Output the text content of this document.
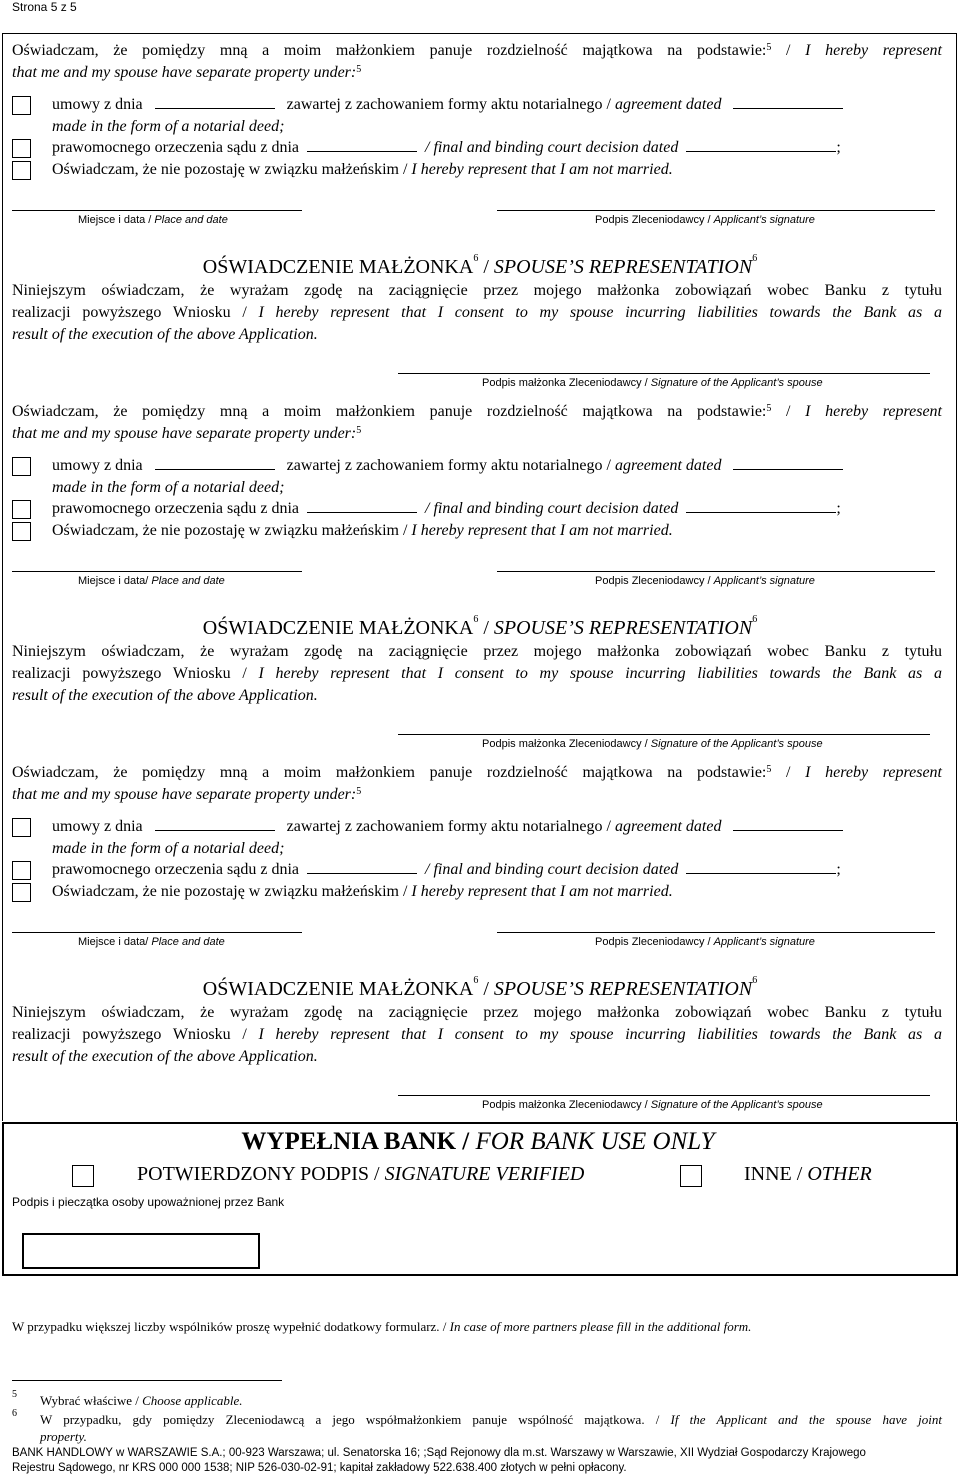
Strona 5 z 5
Oświadczam, że pomiędzy mną a moim małżonkiem panuje rozdzielność majątkowa na podstawie:$^5$ / I hereby represent
that me and my spouse have separate property under:$^5$
umowy z dnia	zawartej z zachowaniem formy aktu notarialnego / agreement dated
made in the form of a notarial deed;
prawomocnego orzeczenia sądu z dnia	/ final and binding court decision dated	;
Oświadczam, że nie pozostaję w związku małżeńskim / I hereby represent that I am not married.
Miejsce i data / Place and date	Podpis Zleceniodawcy / Applicant’s signature
OŚWIADCZENIE MAŁŻONKA$^6$ / SPOUSE’S REPRESENTATION$^6$
Niniejszym oświadczam, że wyrażam zgodę na zaciągnięcie przez mojego małżonka zobowiązań wobec Banku z tytułu
realizacji powyższego Wniosku / I hereby represent that I consent to my spouse incurring liabilities towards the Bank as a
result of the execution of the above Application.
Podpis małżonka Zleceniodawcy / Signature of the Applicant’s spouse
Oświadczam, że pomiędzy mną a moim małżonkiem panuje rozdzielność majątkowa na podstawie:$^5$ / I hereby represent
that me and my spouse have separate property under:$^5$
umowy z dnia	zawartej z zachowaniem formy aktu notarialnego / agreement dated
made in the form of a notarial deed;
prawomocnego orzeczenia sądu z dnia	/ final and binding court decision dated	;
Oświadczam, że nie pozostaję w związku małżeńskim / I hereby represent that I am not married.
Miejsce i data/ Place and date	Podpis Zleceniodawcy / Applicant’s signature
OŚWIADCZENIE MAŁŻONKA$^6$ / SPOUSE’S REPRESENTATION$^6$
Niniejszym oświadczam, że wyrażam zgodę na zaciągnięcie przez mojego małżonka zobowiązań wobec Banku z tytułu
realizacji powyższego Wniosku / I hereby represent that I consent to my spouse incurring liabilities towards the Bank as a
result of the execution of the above Application.
Podpis małżonka Zleceniodawcy / Signature of the Applicant’s spouse
Oświadczam, że pomiędzy mną a moim małżonkiem panuje rozdzielność majątkowa na podstawie:$^5$ / I hereby represent
that me and my spouse have separate property under:$^5$
umowy z dnia	zawartej z zachowaniem formy aktu notarialnego / agreement dated
made in the form of a notarial deed;
prawomocnego orzeczenia sądu z dnia	/ final and binding court decision dated	;
Oświadczam, że nie pozostaję w związku małżeńskim / I hereby represent that I am not married.
Miejsce i data/ Place and date	Podpis Zleceniodawcy / Applicant’s signature
OŚWIADCZENIE MAŁŻONKA$^6$ / SPOUSE’S REPRESENTATION$^6$
Niniejszym oświadczam, że wyrażam zgodę na zaciągnięcie przez mojego małżonka zobowiązań wobec Banku z tytułu
realizacji powyższego Wniosku / I hereby represent that I consent to my spouse incurring liabilities towards the Bank as a
result of the execution of the above Application.
Podpis małżonka Zleceniodawcy / Signature of the Applicant’s spouse
WYPEŁNIA BANK / FOR BANK USE ONLY
POTWIERDZONY PODPIS / SIGNATURE VERIFIED	INNE / OTHER
Podpis i pieczątka osoby upoważnionej przez Bank
W przypadku większej liczby wspólników proszę wypełnić dodatkowy formularz. / In case of more partners please fill in the additional form.
5 Wybrać właściwe / Choose applicable.
6 W przypadku, gdy pomiędzy Zleceniodawcą a jego współmałżonkiem panuje wspólność majątkowa. / If the Applicant and the spouse have joint
property.
BANK HANDLOWY w WARSZAWIE S.A.; 00-923 Warszawa; ul. Senatorska 16; ;Sąd Rejonowy dla m.st. Warszawy w Warszawie, XII Wydział Gospodarczy Krajowego
Rejestru Sądowego, nr KRS 000 000 1538; NIP 526-030-02-91; kapitał zakładowy 522.638.400 złotych w pełni opłacony.
